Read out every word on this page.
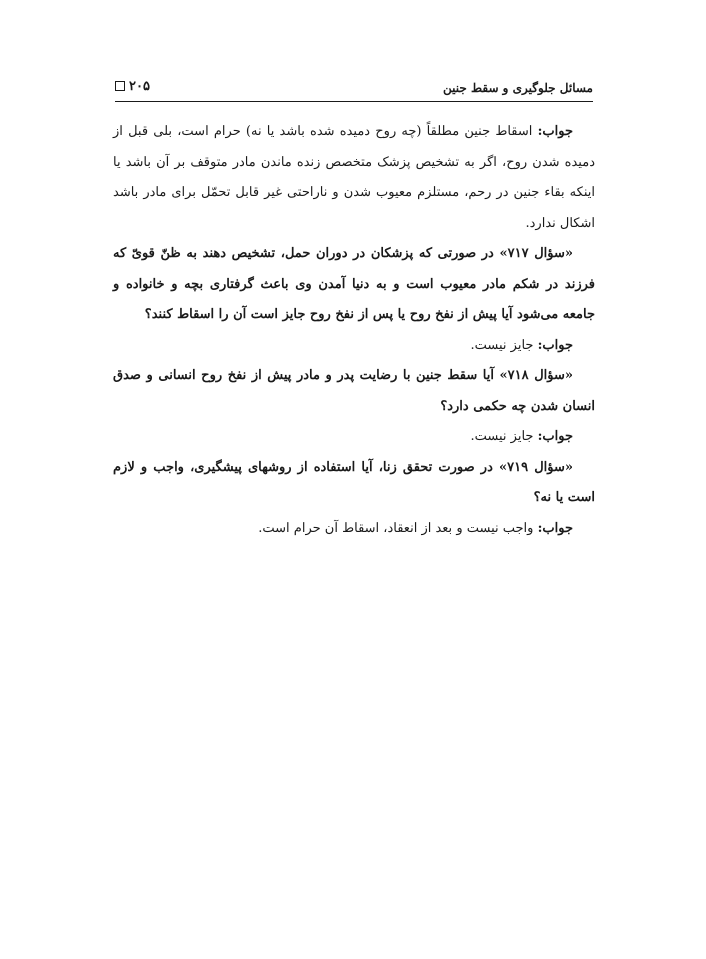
مسائل جلوگیری و سقط جنین
۲۰۵

جواب: اسقاط جنین مطلقاً (چه روح دمیده شده باشد یا نه) حرام است، بلی قبل از دمیده شدن روح، اگر به تشخیص پزشک متخصص زنده ماندن مادر متوقف بر آن باشد یا اینکه بقاء جنین در رحم، مستلزم معیوب شدن و ناراحتی غیر قابل تحمّل برای مادر باشد اشکال ندارد.

«سؤال ۷۱۷» در صورتی که پزشکان در دوران حمل، تشخیص دهند به ظنّ قویّ که فرزند در شکم مادر معیوب است و به دنیا آمدن وی باعث گرفتاری بچه و خانواده و جامعه می‌شود آیا پیش از نفخ روح یا پس از نفخ روح جایز است آن را اسقاط کنند؟

جواب: جایز نیست.

«سؤال ۷۱۸» آیا سقط جنین با رضایت پدر و مادر پیش از نفخ روح انسانی و صدق انسان شدن چه حکمی دارد؟

جواب: جایز نیست.

«سؤال ۷۱۹» در صورت تحقق زنا، آیا استفاده از روشهای پیشگیری، واجب و لازم است یا نه؟

جواب: واجب نیست و بعد از انعقاد، اسقاط آن حرام است.
